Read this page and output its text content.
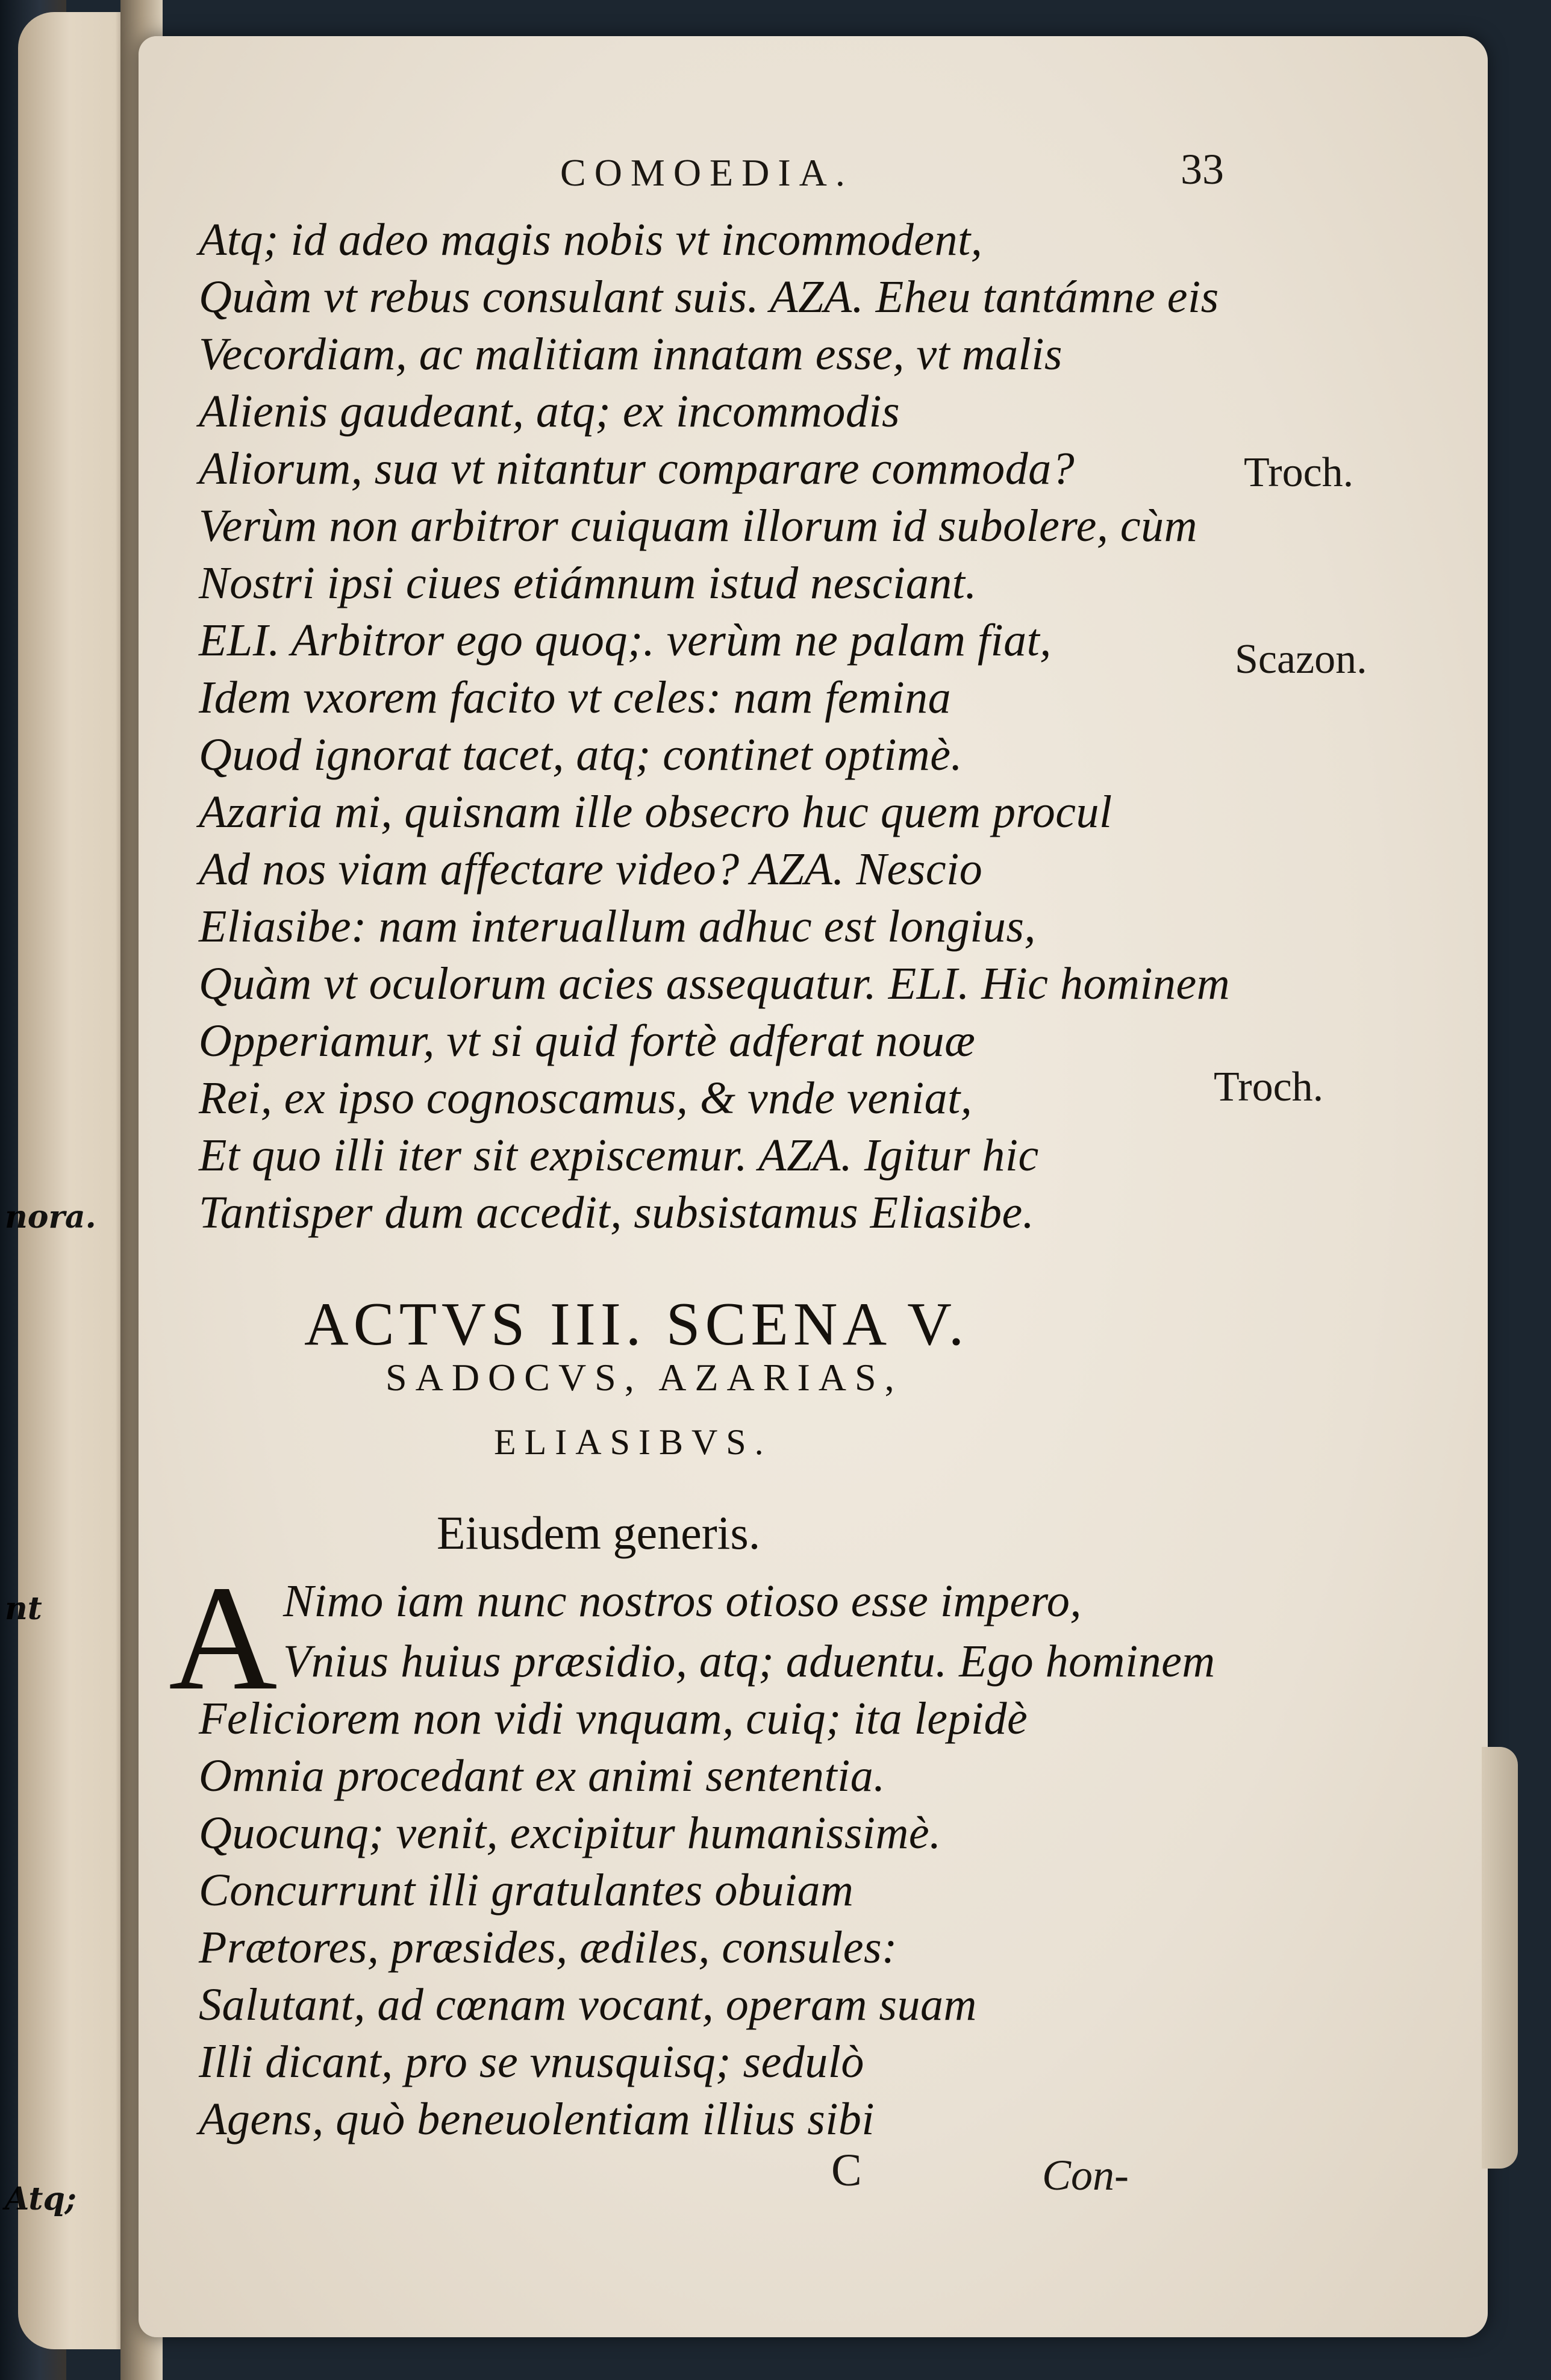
nora.
nt
Atq;
COMOEDIA.	33
Atq; id adeo magis nobis vt incommodent,
Quàm vt rebus consulant suis. AZA. Eheu tantámne eis
Vecordiam, ac malitiam innatam esse, vt malis
Alienis gaudeant, atq; ex incommodis
Aliorum, sua vt nitantur comparare commoda?
Verùm non arbitror cuiquam illorum id subolere, cùm
Nostri ipsi ciues etiámnum istud nesciant.
ELI. Arbitror ego quoq;. verùm ne palam fiat,
Idem vxorem facito vt celes: nam femina
Quod ignorat tacet, atq; continet optimè.
Azaria mi, quisnam ille obsecro huc quem procul
Ad nos viam affectare video? AZA. Nescio
Eliasibe: nam interuallum adhuc est longius,
Quàm vt oculorum acies assequatur. ELI. Hic hominem
Opperiamur, vt si quid fortè adferat nouæ
Rei, ex ipso cognoscamus, & vnde veniat,
Et quo illi iter sit expiscemur. AZA. Igitur hic
Tantisper dum accedit, subsistamus Eliasibe.
Troch.
Scazon.
Troch.
ACTVS III. SCENA V.
SADOCVS, AZARIAS,
ELIASIBVS.
Eiusdem generis.
A Nimo iam nunc nostros otioso esse impero,
Vnius huius præsidio, atq; aduentu. Ego hominem
Feliciorem non vidi vnquam, cuiq; ita lepidè
Omnia procedant ex animi sententia.
Quocunq; venit, excipitur humanissimè.
Concurrunt illi gratulantes obuiam
Prætores, præsides, ædiles, consules:
Salutant, ad cœnam vocant, operam suam
Illi dicant, pro se vnusquisq; sedulò
Agens, quò beneuolentiam illius sibi
C	Con-
